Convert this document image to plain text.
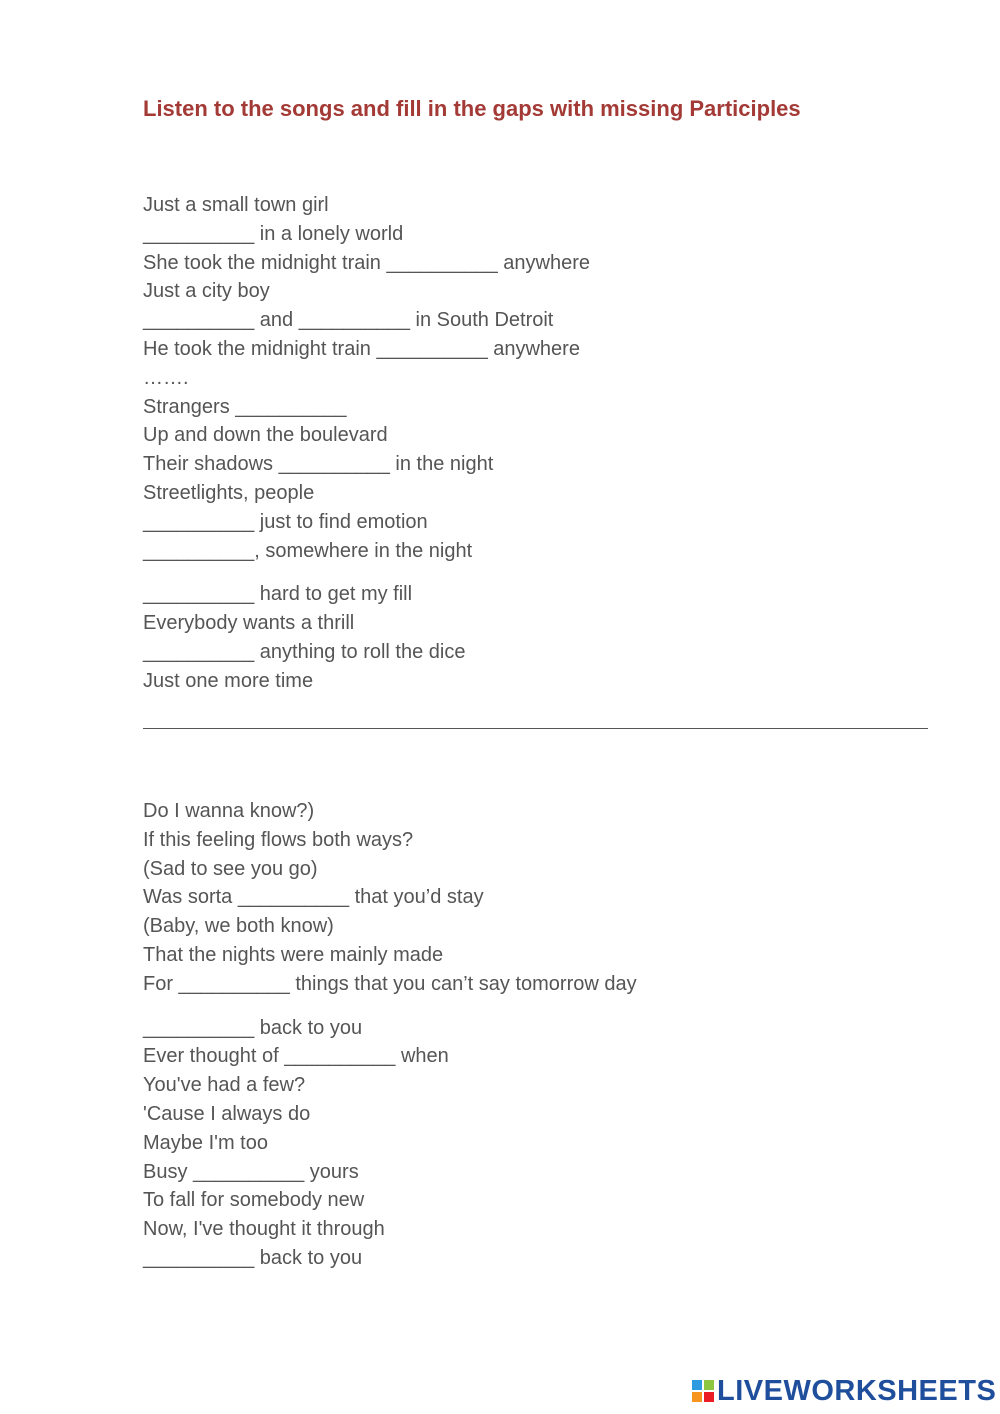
Listen to the songs and fill in the gaps with missing Participles
Just a small town girl
__________ in a lonely world
She took the midnight train __________ anywhere
Just a city boy
__________ and __________ in South Detroit
He took the midnight train __________ anywhere
…….
Strangers __________
Up and down the boulevard
Their shadows __________ in the night
Streetlights, people
__________ just to find emotion
__________, somewhere in the night
__________ hard to get my fill
Everybody wants a thrill
__________ anything to roll the dice
Just one more time
Do I wanna know?)
If this feeling flows both ways?
(Sad to see you go)
Was sorta __________ that you’d stay
(Baby, we both know)
That the nights were mainly made
For __________ things that you can’t say tomorrow day
__________ back to you
Ever thought of __________ when
You've had a few?
'Cause I always do
Maybe I'm too
Busy __________ yours
To fall for somebody new
Now, I've thought it through
__________ back to you
LIVEWORKSHEETS
